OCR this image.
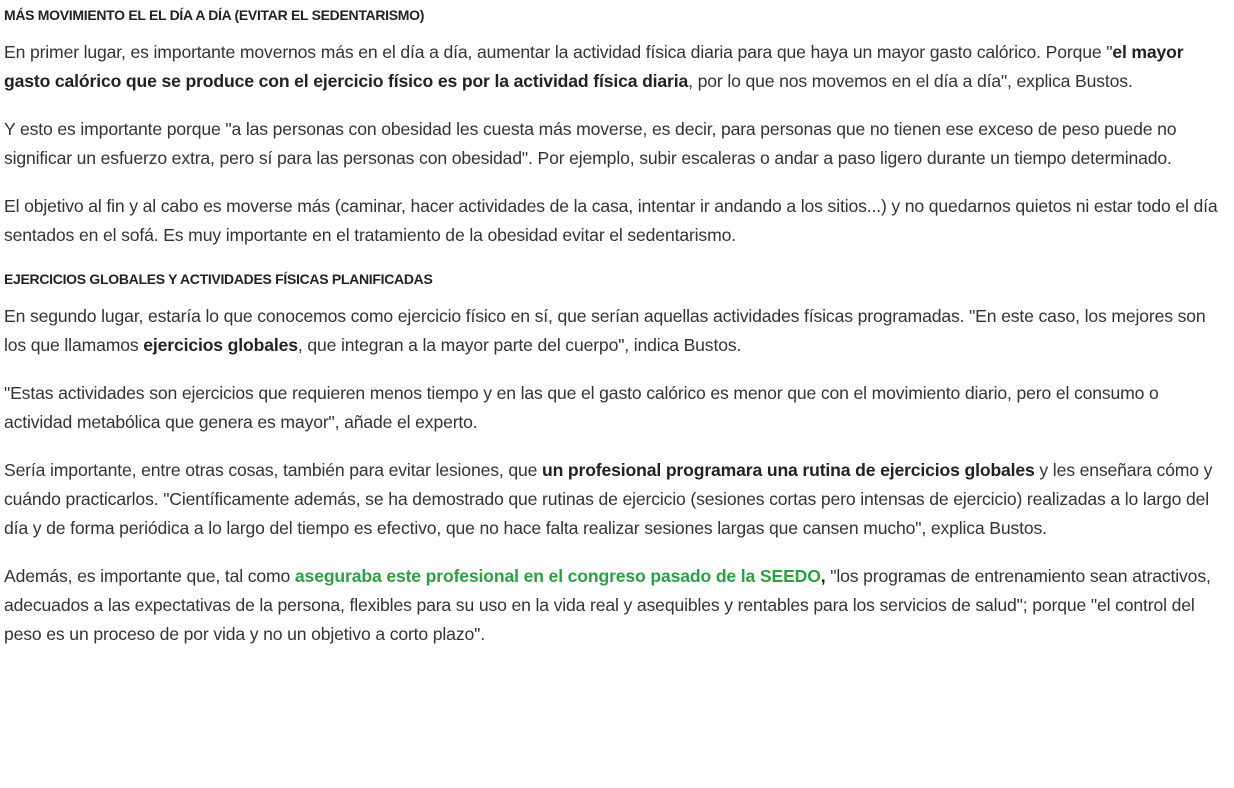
MÁS MOVIMIENTO EL EL DÍA A DÍA (EVITAR EL SEDENTARISMO)

En primer lugar, es importante movernos más en el día a día, aumentar la actividad física diaria para que haya un mayor gasto calórico. Porque "el mayor gasto calórico que se produce con el ejercicio físico es por la actividad física diaria, por lo que nos movemos en el día a día", explica Bustos.

Y esto es importante porque "a las personas con obesidad les cuesta más moverse, es decir, para personas que no tienen ese exceso de peso puede no significar un esfuerzo extra, pero sí para las personas con obesidad". Por ejemplo, subir escaleras o andar a paso ligero durante un tiempo determinado.

El objetivo al fin y al cabo es moverse más (caminar, hacer actividades de la casa, intentar ir andando a los sitios...) y no quedarnos quietos ni estar todo el día sentados en el sofá. Es muy importante en el tratamiento de la obesidad evitar el sedentarismo.

EJERCICIOS GLOBALES Y ACTIVIDADES FÍSICAS PLANIFICADAS

En segundo lugar, estaría lo que conocemos como ejercicio físico en sí, que serían aquellas actividades físicas programadas. "En este caso, los mejores son los que llamamos ejercicios globales, que integran a la mayor parte del cuerpo", indica Bustos.

"Estas actividades son ejercicios que requieren menos tiempo y en las que el gasto calórico es menor que con el movimiento diario, pero el consumo o actividad metabólica que genera es mayor", añade el experto.

Sería importante, entre otras cosas, también para evitar lesiones, que un profesional programara una rutina de ejercicios globales y les enseñara cómo y cuándo practicarlos. "Científicamente además, se ha demostrado que rutinas de ejercicio (sesiones cortas pero intensas de ejercicio) realizadas a lo largo del día y de forma periódica a lo largo del tiempo es efectivo, que no hace falta realizar sesiones largas que cansen mucho", explica Bustos.

Además, es importante que, tal como aseguraba este profesional en el congreso pasado de la SEEDO, "los programas de entrenamiento sean atractivos, adecuados a las expectativas de la persona, flexibles para su uso en la vida real y asequibles y rentables para los servicios de salud"; porque "el control del peso es un proceso de por vida y no un objetivo a corto plazo".
